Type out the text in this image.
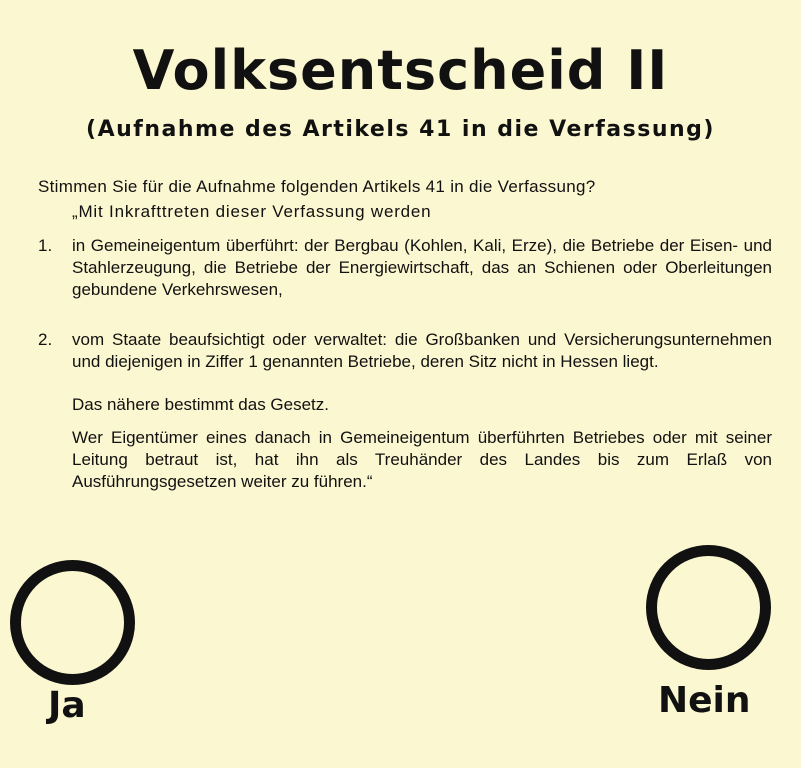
Volksentscheid II
(Aufnahme des Artikels 41 in die Verfassung)
Stimmen Sie für die Aufnahme folgenden Artikels 41 in die Verfassung?
„Mit Inkrafttreten dieser Verfassung werden
1. in Gemeineigentum überführt: der Bergbau (Kohlen, Kali, Erze), die Betriebe der Eisen- und Stahlerzeugung, die Betriebe der Energiewirtschaft, das an Schienen oder Oberleitungen gebundene Verkehrswesen,
2. vom Staate beaufsichtigt oder verwaltet: die Großbanken und Versicherungsunternehmen und diejenigen in Ziffer 1 genannten Betriebe, deren Sitz nicht in Hessen liegt.
Das nähere bestimmt das Gesetz.
Wer Eigentümer eines danach in Gemeineigentum überführten Betriebes oder mit seiner Leitung betraut ist, hat ihn als Treuhänder des Landes bis zum Erlaß von Ausführungsgesetzen weiter zu führen.“
Ja	Nein
